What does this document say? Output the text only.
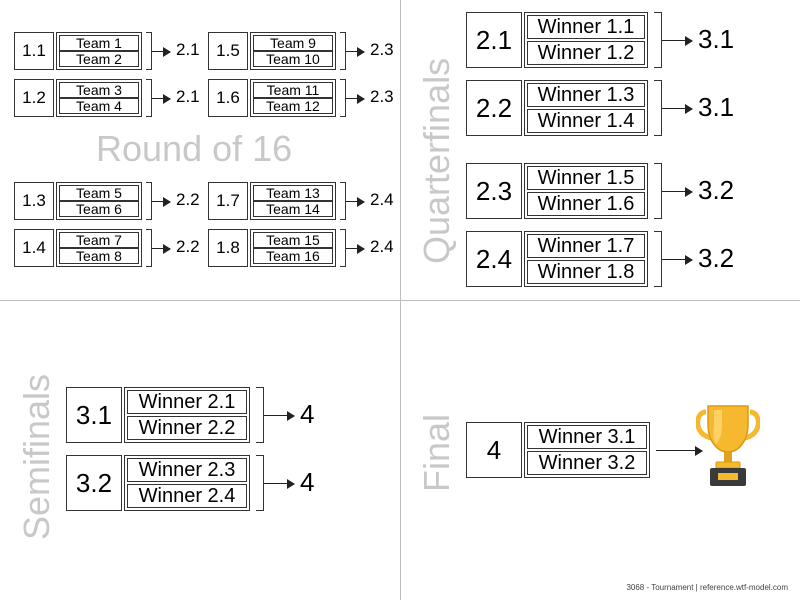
Round of 16	Quarterfinals
Semifinals	Final
1.1	Team 1
Team 2	2.1
1.2	Team 3
Team 4	2.1
1.3	Team 5
Team 6	2.2
1.4	Team 7
Team 8	2.2
1.5	Team 9
Team 10	2.3
1.6	Team 11
Team 12	2.3
1.7	Team 13
Team 14	2.4
1.8	Team 15
Team 16	2.4
2.1	Winner 1.1
Winner 1.2	3.1
2.2	Winner 1.3
Winner 1.4	3.1
2.3	Winner 1.5
Winner 1.6	3.2
2.4	Winner 1.7
Winner 1.8	3.2
3.1	Winner 2.1
Winner 2.2	4
3.2	Winner 2.3
Winner 2.4	4
4	Winner 3.1
Winner 3.2
3068 - Tournament | reference.wtf-model.com
